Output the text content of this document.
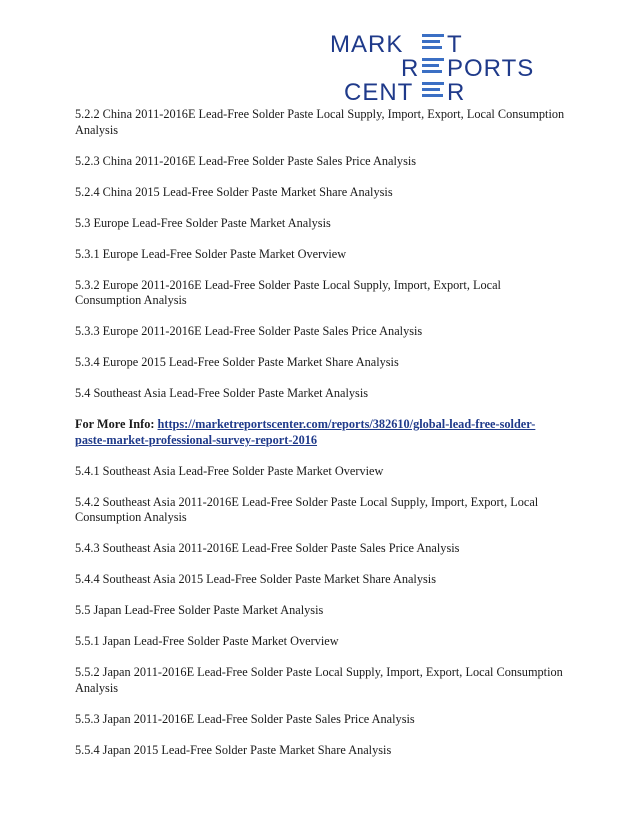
MARK T
R PORTS
CENT R

5.2.2 China 2011-2016E Lead-Free Solder Paste Local Supply, Import, Export, Local Consumption Analysis

5.2.3 China 2011-2016E Lead-Free Solder Paste Sales Price Analysis

5.2.4 China 2015 Lead-Free Solder Paste Market Share Analysis

5.3 Europe Lead-Free Solder Paste Market Analysis

5.3.1 Europe Lead-Free Solder Paste Market Overview

5.3.2 Europe 2011-2016E Lead-Free Solder Paste Local Supply, Import, Export, Local Consumption Analysis

5.3.3 Europe 2011-2016E Lead-Free Solder Paste Sales Price Analysis

5.3.4 Europe 2015 Lead-Free Solder Paste Market Share Analysis

5.4 Southeast Asia Lead-Free Solder Paste Market Analysis

For More Info: https://marketreportscenter.com/reports/382610/global-lead-free-solder-paste-market-professional-survey-report-2016

5.4.1 Southeast Asia Lead-Free Solder Paste Market Overview

5.4.2 Southeast Asia 2011-2016E Lead-Free Solder Paste Local Supply, Import, Export, Local Consumption Analysis

5.4.3 Southeast Asia 2011-2016E Lead-Free Solder Paste Sales Price Analysis

5.4.4 Southeast Asia 2015 Lead-Free Solder Paste Market Share Analysis

5.5 Japan Lead-Free Solder Paste Market Analysis

5.5.1 Japan Lead-Free Solder Paste Market Overview

5.5.2 Japan 2011-2016E Lead-Free Solder Paste Local Supply, Import, Export, Local Consumption Analysis

5.5.3 Japan 2011-2016E Lead-Free Solder Paste Sales Price Analysis

5.5.4 Japan 2015 Lead-Free Solder Paste Market Share Analysis
